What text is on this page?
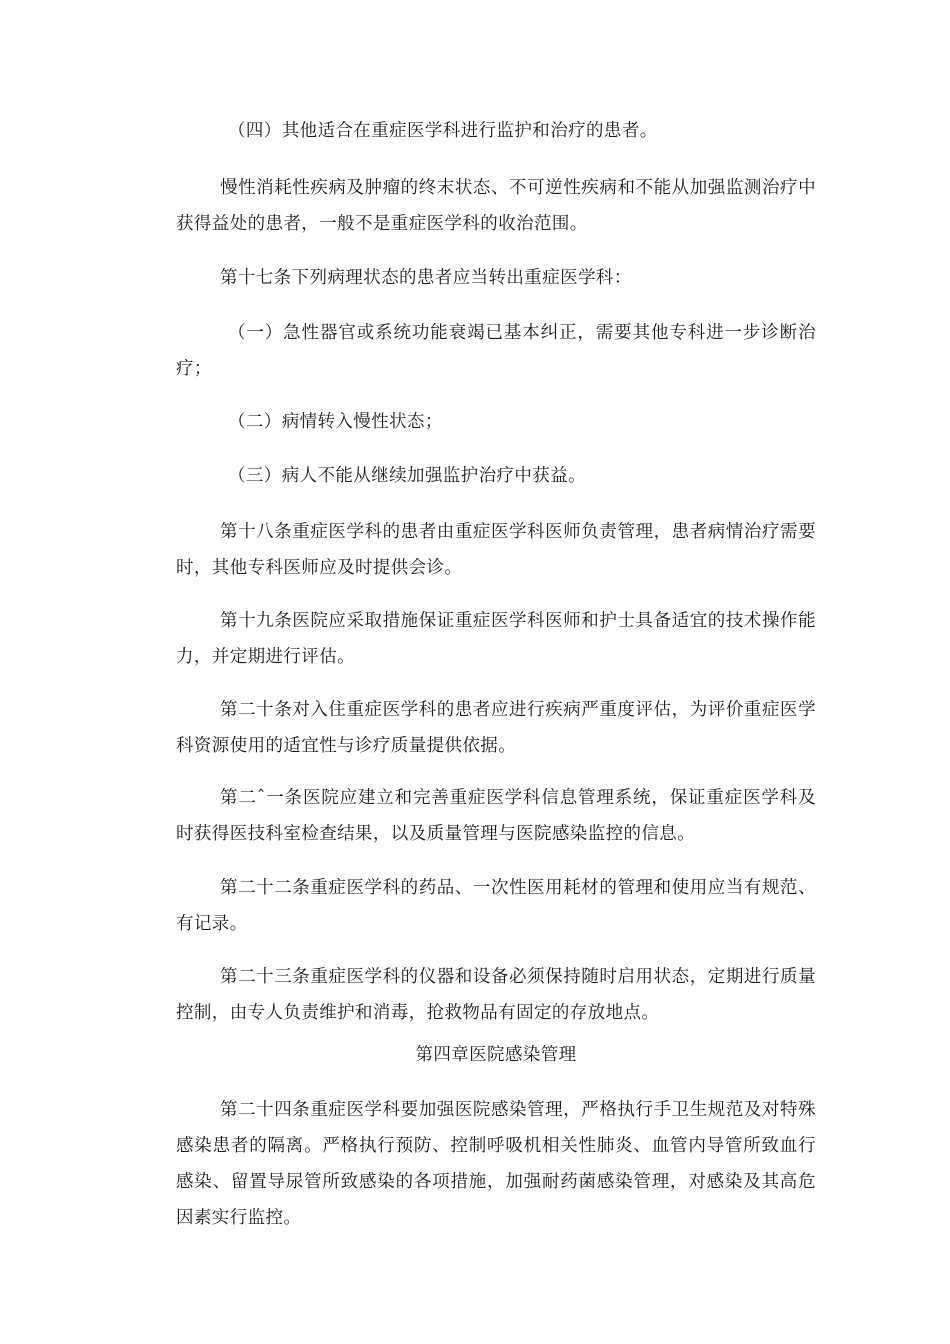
（四）其他适合在重症医学科进行监护和治疗的患者。

慢性消耗性疾病及肿瘤的终末状态、不可逆性疾病和不能从加强监测治疗中获得益处的患者，一般不是重症医学科的收治范围。

第十七条下列病理状态的患者应当转出重症医学科：

（一）急性器官或系统功能衰竭已基本纠正，需要其他专科进一步诊断治疗；

（二）病情转入慢性状态；

（三）病人不能从继续加强监护治疗中获益。

第十八条重症医学科的患者由重症医学科医师负责管理，患者病情治疗需要时，其他专科医师应及时提供会诊。

第十九条医院应采取措施保证重症医学科医师和护士具备适宜的技术操作能力，并定期进行评估。

第二十条对入住重症医学科的患者应进行疾病严重度评估，为评价重症医学科资源使用的适宜性与诊疗质量提供依据。

第二ˆ一条医院应建立和完善重症医学科信息管理系统，保证重症医学科及时获得医技科室检查结果，以及质量管理与医院感染监控的信息。

第二十二条重症医学科的药品、一次性医用耗材的管理和使用应当有规范、有记录。

第二十三条重症医学科的仪器和设备必须保持随时启用状态，定期进行质量控制，由专人负责维护和消毒，抢救物品有固定的存放地点。

第四章医院感染管理

第二十四条重症医学科要加强医院感染管理，严格执行手卫生规范及对特殊感染患者的隔离。严格执行预防、控制呼吸机相关性肺炎、血管内导管所致血行感染、留置导尿管所致感染的各项措施，加强耐药菌感染管理，对感染及其高危因素实行监控。
